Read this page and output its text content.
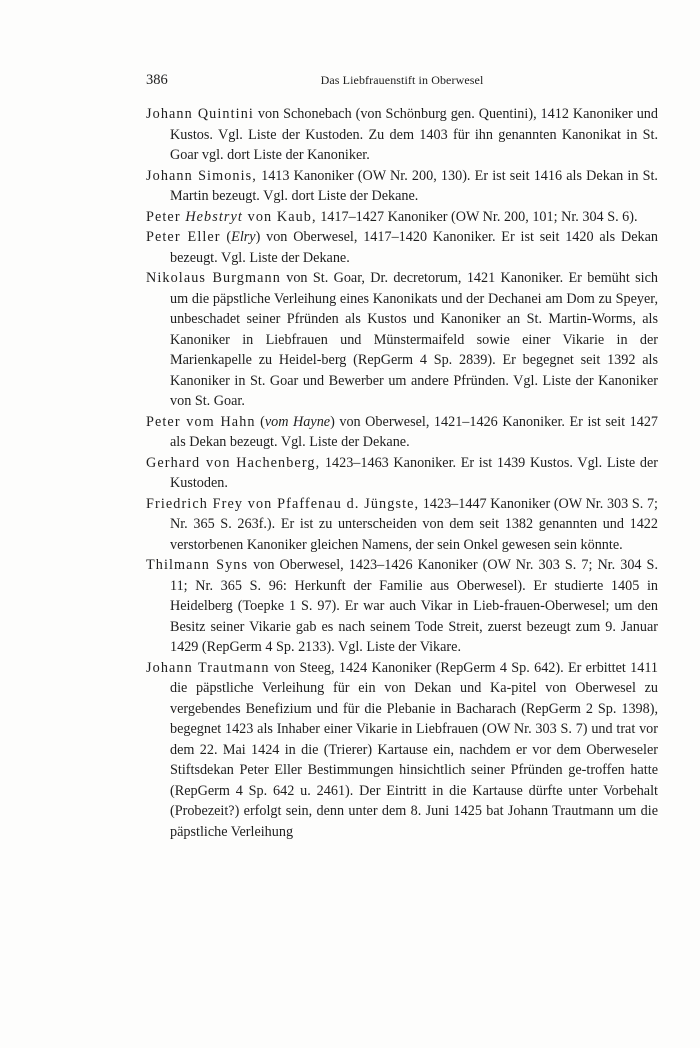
386	Das Liebfrauenstift in Oberwesel

Johann Quintini von Schonebach (von Schönburg gen. Quentini), 1412 Kanoniker und Kustos. Vgl. Liste der Kustoden. Zu dem 1403 für ihn genannten Kanonikat in St. Goar vgl. dort Liste der Kanoniker.

Johann Simonis, 1413 Kanoniker (OW Nr. 200, 130). Er ist seit 1416 als Dekan in St. Martin bezeugt. Vgl. dort Liste der Dekane.

Peter Hebstryt von Kaub, 1417–1427 Kanoniker (OW Nr. 200, 101; Nr. 304 S. 6).

Peter Eller (Elry) von Oberwesel, 1417–1420 Kanoniker. Er ist seit 1420 als Dekan bezeugt. Vgl. Liste der Dekane.

Nikolaus Burgmann von St. Goar, Dr. decretorum, 1421 Kanoniker. Er bemüht sich um die päpstliche Verleihung eines Kanonikats und der Dechanei am Dom zu Speyer, unbeschadet seiner Pfründen als Kustos und Kanoniker an St. Martin-Worms, als Kanoniker in Liebfrauen und Münstermaifeld sowie einer Vikarie in der Marienkapelle zu Heidel-berg (RepGerm 4 Sp. 2839). Er begegnet seit 1392 als Kanoniker in St. Goar und Bewerber um andere Pfründen. Vgl. Liste der Kanoniker von St. Goar.

Peter vom Hahn (vom Hayne) von Oberwesel, 1421–1426 Kanoniker. Er ist seit 1427 als Dekan bezeugt. Vgl. Liste der Dekane.

Gerhard von Hachenberg, 1423–1463 Kanoniker. Er ist 1439 Kustos. Vgl. Liste der Kustoden.

Friedrich Frey von Pfaffenau d. Jüngste, 1423–1447 Kanoniker (OW Nr. 303 S. 7; Nr. 365 S. 263f.). Er ist zu unterscheiden von dem seit 1382 genannten und 1422 verstorbenen Kanoniker gleichen Namens, der sein Onkel gewesen sein könnte.

Thilmann Syns von Oberwesel, 1423–1426 Kanoniker (OW Nr. 303 S. 7; Nr. 304 S. 11; Nr. 365 S. 96: Herkunft der Familie aus Oberwesel). Er studierte 1405 in Heidelberg (Toepke 1 S. 97). Er war auch Vikar in Lieb-frauen-Oberwesel; um den Besitz seiner Vikarie gab es nach seinem Tode Streit, zuerst bezeugt zum 9. Januar 1429 (RepGerm 4 Sp. 2133). Vgl. Liste der Vikare.

Johann Trautmann von Steeg, 1424 Kanoniker (RepGerm 4 Sp. 642). Er erbittet 1411 die päpstliche Verleihung für ein von Dekan und Ka-pitel von Oberwesel zu vergebendes Benefizium und für die Plebanie in Bacharach (RepGerm 2 Sp. 1398), begegnet 1423 als Inhaber einer Vikarie in Liebfrauen (OW Nr. 303 S. 7) und trat vor dem 22. Mai 1424 in die (Trierer) Kartause ein, nachdem er vor dem Oberweseler Stiftsdekan Peter Eller Bestimmungen hinsichtlich seiner Pfründen ge-troffen hatte (RepGerm 4 Sp. 642 u. 2461). Der Eintritt in die Kartause dürfte unter Vorbehalt (Probezeit?) erfolgt sein, denn unter dem 8. Juni 1425 bat Johann Trautmann um die päpstliche Verleihung
